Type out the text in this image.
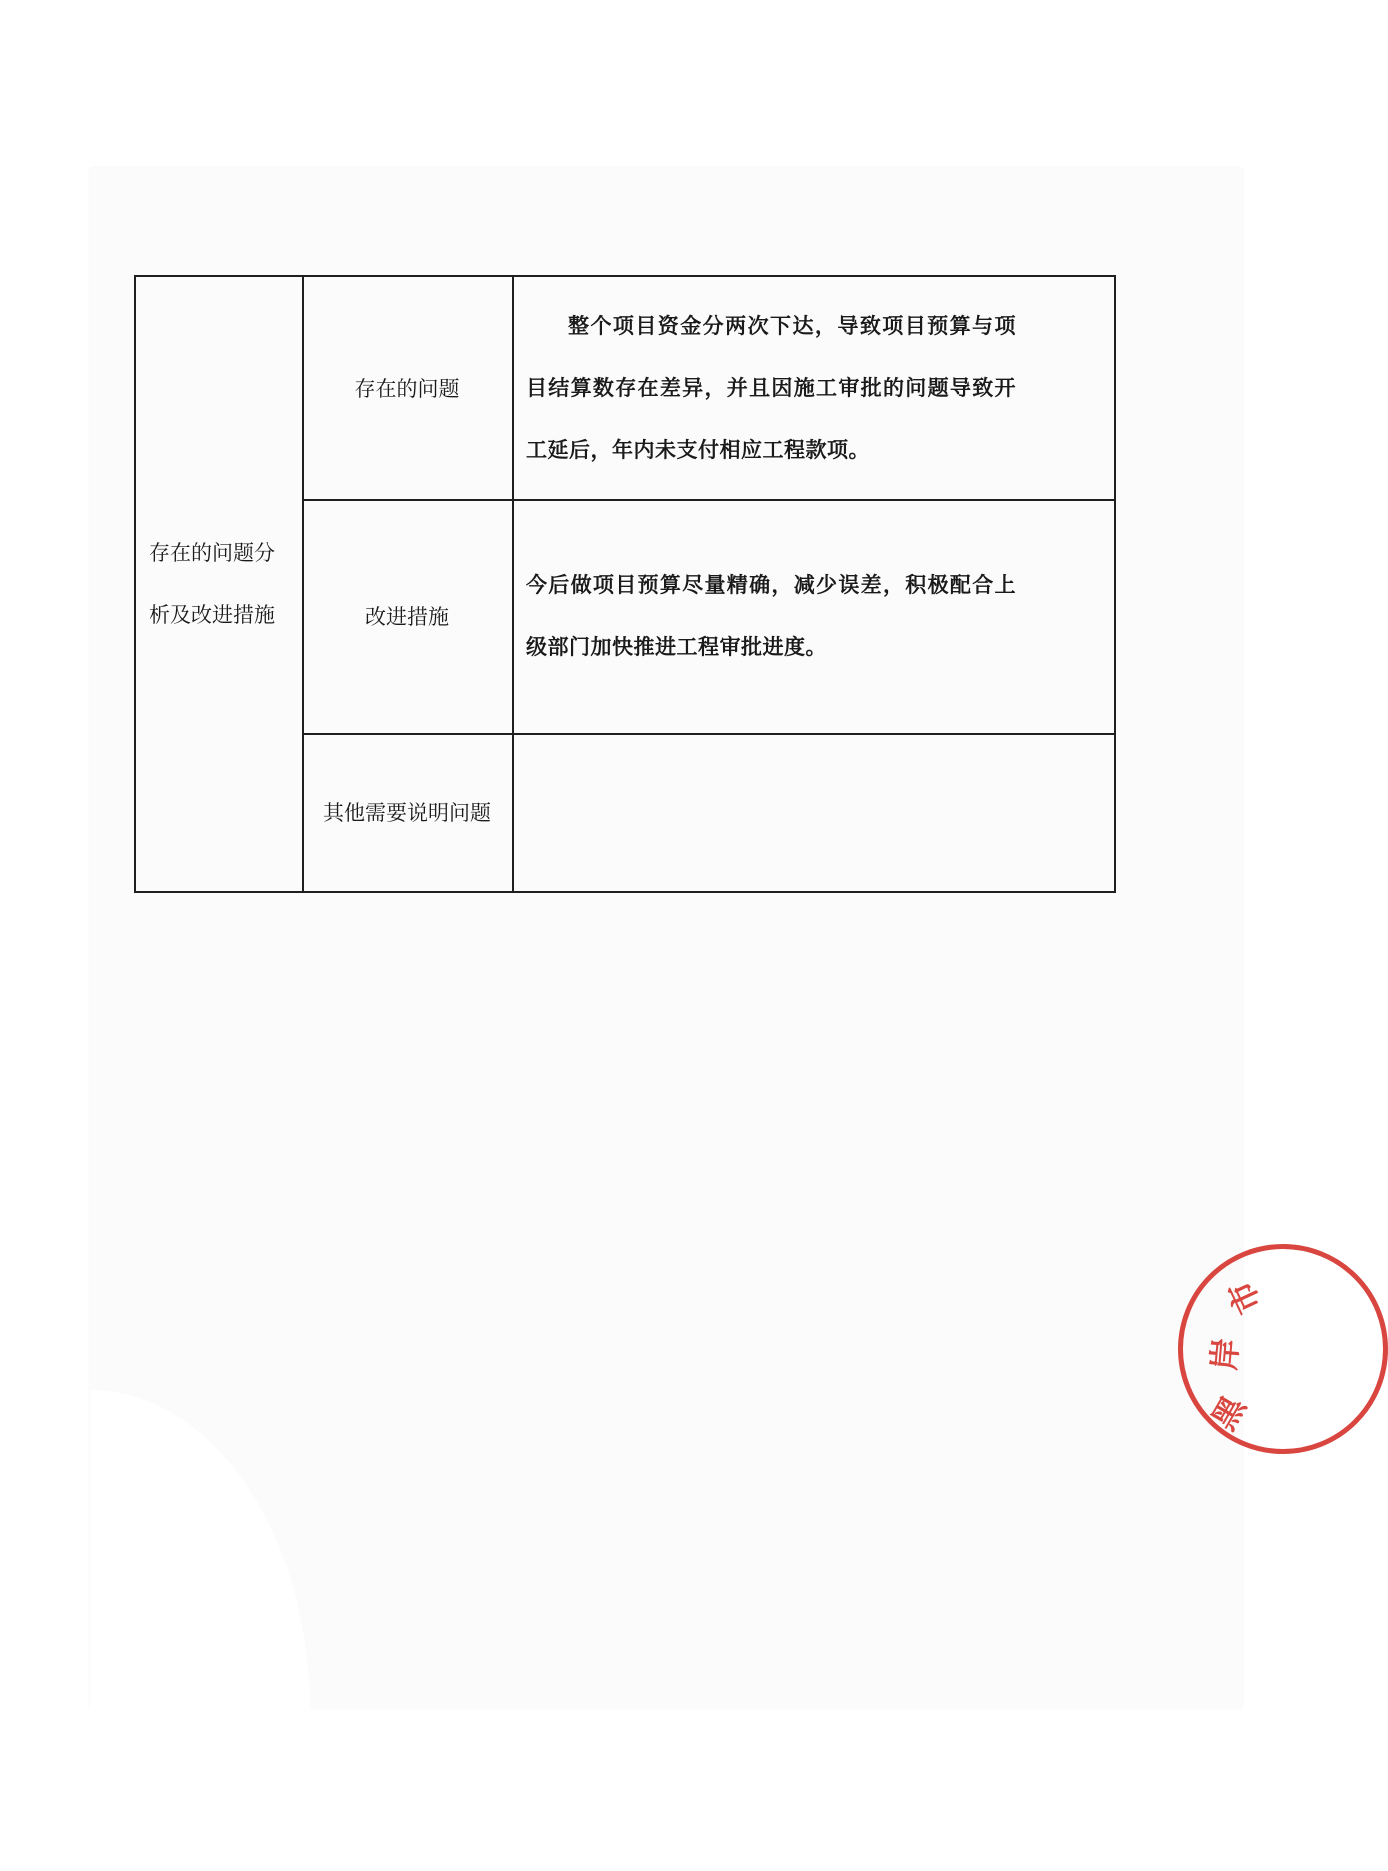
存在的问题分析及改进措施
存在的问题
整个项目资金分两次下达，导致项目预算与项目结算数存在差异，并且因施工审批的问题导致开工延后，年内未支付相应工程款项。
改进措施
今后做项目预算尽量精确，减少误差，积极配合上级部门加快推进工程审批进度。
其他需要说明问题
黑
岸
市
